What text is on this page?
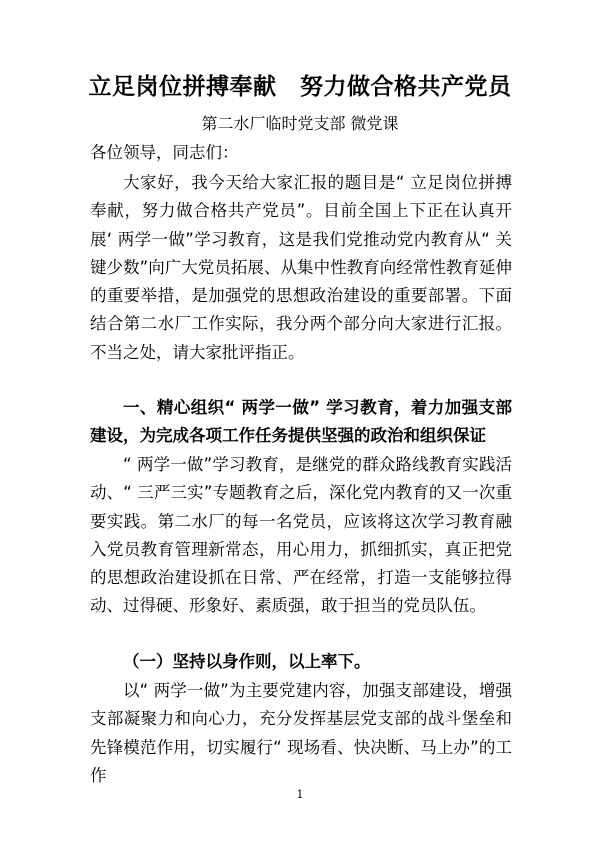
立足岗位拼搏奉献　努力做合格共产党员
第二水厂临时党支部 微党课
各位领导，同志们：
大家好，我今天给大家汇报的题目是“ 立足岗位拼搏奉献，努力做合格共产党员”。目前全国上下正在认真开展‘ 两学一做”学习教育，这是我们党推动党内教育从“ 关键少数”向广大党员拓展、从集中性教育向经常性教育延伸的重要举措，是加强党的思想政治建设的重要部署。下面结合第二水厂工作实际，我分两个部分向大家进行汇报。不当之处，请大家批评指正。
一、精心组织“ 两学一做” 学习教育，着力加强支部建设，为完成各项工作任务提供坚强的政治和组织保证
“ 两学一做”学习教育，是继党的群众路线教育实践活动、“ 三严三实”专题教育之后，深化党内教育的又一次重要实践。第二水厂的每一名党员，应该将这次学习教育融入党员教育管理新常态，用心用力，抓细抓实，真正把党的思想政治建设抓在日常、严在经常，打造一支能够拉得动、过得硬、形象好、素质强，敢于担当的党员队伍。
（一）坚持以身作则，以上率下。
以“ 两学一做”为主要党建内容，加强支部建设，增强支部凝聚力和向心力，充分发挥基层党支部的战斗堡垒和先锋模范作用，切实履行“ 现场看、快决断、马上办”的工作
1
